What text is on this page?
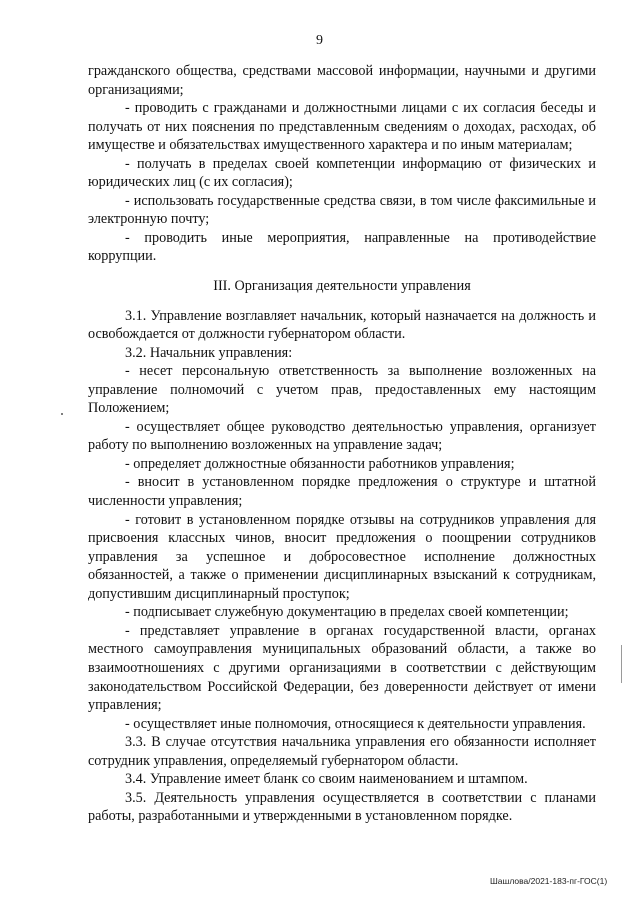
9

гражданского общества, средствами массовой информации, научными и другими организациями;

- проводить с гражданами и должностными лицами с их согласия беседы и получать от них пояснения по представленным сведениям о доходах, расходах, об имуществе и обязательствах имущественного характера и по иным материалам;

- получать в пределах своей компетенции информацию от физических и юридических лиц (с их согласия);

- использовать государственные средства связи, в том числе факсимильные и электронную почту;

- проводить иные мероприятия, направленные на противодействие коррупции.

III. Организация деятельности управления

3.1. Управление возглавляет начальник, который назначается на должность и освобождается от должности губернатором области.

3.2. Начальник управления:

- несет персональную ответственность за выполнение возложенных на управление полномочий с учетом прав, предоставленных ему настоящим Положением;

- осуществляет общее руководство деятельностью управления, организует работу по выполнению возложенных на управление задач;

- определяет должностные обязанности работников управления;

- вносит в установленном порядке предложения о структуре и штатной численности управления;

- готовит в установленном порядке отзывы на сотрудников управления для присвоения классных чинов, вносит предложения о поощрении сотрудников управления за успешное и добросовестное исполнение должностных обязанностей, а также о применении дисциплинарных взысканий к сотрудникам, допустившим дисциплинарный проступок;

- подписывает служебную документацию в пределах своей компетенции;

- представляет управление в органах государственной власти, органах местного самоуправления муниципальных образований области, а также во взаимоотношениях с другими организациями в соответствии с действующим законодательством Российской Федерации, без доверенности действует от имени управления;

- осуществляет иные полномочия, относящиеся к деятельности управления.

3.3. В случае отсутствия начальника управления его обязанности исполняет сотрудник управления, определяемый губернатором области.

3.4. Управление имеет бланк со своим наименованием и штампом.

3.5. Деятельность управления осуществляется в соответствии с планами работы, разработанными и утвержденными в установленном порядке.

Шашлова/2021-183-пг-ГОС(1)
